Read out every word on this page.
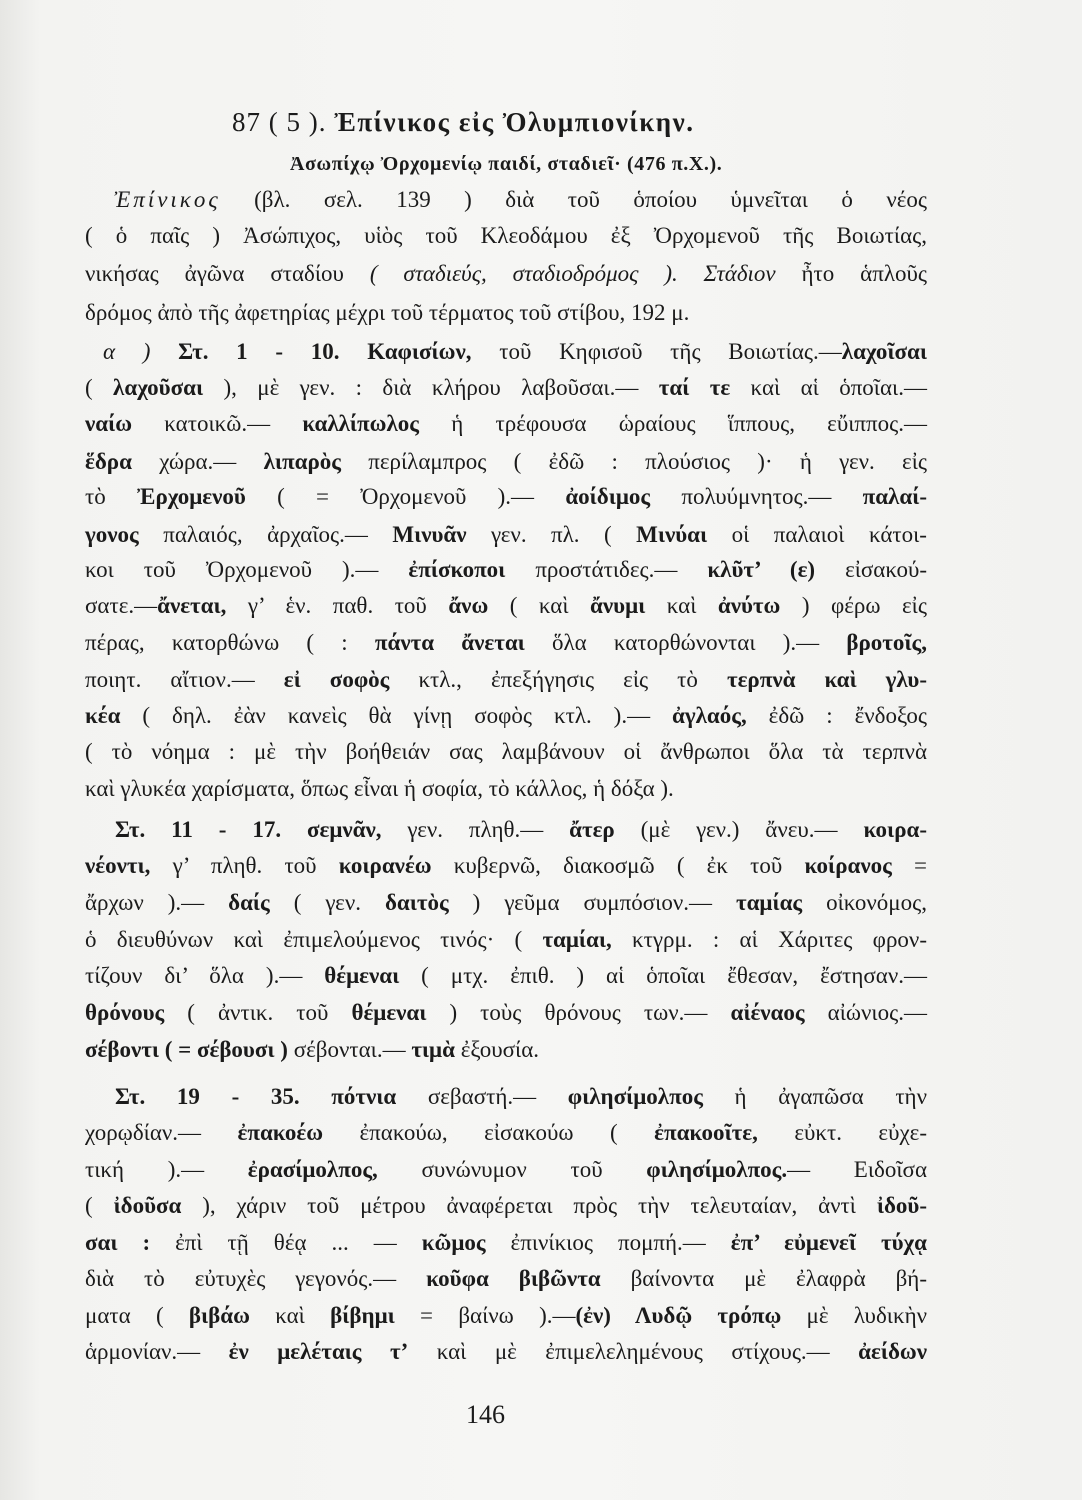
87 ( 5 ). Ἐπίνικος εἰς Ὀλυμπιονίκην.
Ἀσωπίχῳ Ὀρχομενίῳ παιδί, σταδιεῖ· (476 π.Χ.).
Ἐπίνικος (βλ. σελ. 139 ) διὰ τοῦ ὁποίου ὑμνεῖται ὁ νέος
( ὁ παῖς ) Ἀσώπιχος, υἱὸς τοῦ Κλεοδάμου ἐξ Ὀρχομενοῦ τῆς Βοιωτίας,
νικήσας ἀγῶνα σταδίου ( σταδιεύς, σταδιοδρόμος ). Στάδιον ἦτο ἁπλοῦς
δρόμος ἀπὸ τῆς ἀφετηρίας μέχρι τοῦ τέρματος τοῦ στίβου, 192 μ.
α ) Στ. 1 - 10. Καφισίων, τοῦ Κηφισοῦ τῆς Βοιωτίας.—λαχοῖσαι
( λαχοῦσαι ), μὲ γεν. : διὰ κλήρου λαβοῦσαι.— ταί τε καὶ αἱ ὁποῖαι.—
ναίω κατοικῶ.— καλλίπωλος ἡ τρέφουσα ὡραίους ἵππους, εὔιππος.—
ἕδρα χώρα.— λιπαρὸς περίλαμπρος ( ἐδῶ : πλούσιος )· ἡ γεν. εἰς
τὸ Ἐρχομενοῦ ( = Ὀρχομενοῦ ).— ἀοίδιμος πολυύμνητος.— παλαί-
γονος παλαιός, ἀρχαῖος.— Μινυᾶν γεν. πλ. ( Μινύαι οἱ παλαιοὶ κάτοι-
κοι τοῦ Ὀρχομενοῦ ).— ἐπίσκοποι προστάτιδες.— κλῦτ’ (ε) εἰσακού-
σατε.—ἄνεται, γ’ ἑν. παθ. τοῦ ἄνω ( καὶ ἄνυμι καὶ ἀνύτω ) φέρω εἰς
πέρας, κατορθώνω ( : πάντα ἄνεται ὅλα κατορθώνονται ).— βροτοῖς,
ποιητ. αἴτιον.— εἰ σοφὸς κτλ., ἐπεξήγησις εἰς τὸ τερπνὰ καὶ γλυ-
κέα ( δηλ. ἐὰν κανεὶς θὰ γίνῃ σοφὸς κτλ. ).— ἀγλαός, ἐδῶ : ἔνδοξος
( τὸ νόημα : μὲ τὴν βοήθειάν σας λαμβάνουν οἱ ἄνθρωποι ὅλα τὰ τερπνὰ
καὶ γλυκέα χαρίσματα, ὅπως εἶναι ἡ σοφία, τὸ κάλλος, ἡ δόξα ).
Στ. 11 - 17. σεμνᾶν, γεν. πληθ.— ἄτερ (μὲ γεν.) ἄνευ.— κοιρα-
νέοντι, γ’ πληθ. τοῦ κοιρανέω κυβερνῶ, διακοσμῶ ( ἐκ τοῦ κοίρανος =
ἄρχων ).— δαίς ( γεν. δαιτὸς ) γεῦμα συμπόσιον.— ταμίας οἰκονόμος,
ὁ διευθύνων καὶ ἐπιμελούμενος τινός· ( ταμίαι, κτγρμ. : αἱ Χάριτες φρον-
τίζουν δι’ ὅλα ).— θέμεναι ( μτχ. ἐπιθ. ) αἱ ὁποῖαι ἔθεσαν, ἔστησαν.—
θρόνους ( ἀντικ. τοῦ θέμεναι ) τοὺς θρόνους των.— αἰέναος αἰώνιος.—
σέβοντι ( = σέβουσι ) σέβονται.— τιμὰ ἐξουσία.
Στ. 19 - 35. πότνια σεβαστή.— φιλησίμολπος ἡ ἀγαπῶσα τὴν
χορῳδίαν.— ἐπακοέω ἐπακούω, εἰσακούω ( ἐπακοοῖτε, εὐκτ. εὐχε-
τική ).— ἐρασίμολπος, συνώνυμον τοῦ φιλησίμολπος.— Ειδοῖσα
( ἰδοῦσα ), χάριν τοῦ μέτρου ἀναφέρεται πρὸς τὴν τελευταίαν, ἀντὶ ἰδοῦ-
σαι : ἐπὶ τῇ θέᾳ ... — κῶμος ἐπινίκιος πομπή.— ἐπ’ εὐμενεῖ τύχᾳ
διὰ τὸ εὐτυχὲς γεγονός.— κοῦφα βιβῶντα βαίνοντα μὲ ἐλαφρὰ βή-
ματα ( βιβάω καὶ βίβημι = βαίνω ).—(ἐν) Λυδῷ τρόπῳ μὲ λυδικὴν
ἁρμονίαν.— ἐν μελέταις τ’ καὶ μὲ ἐπιμελελημένους στίχους.— ἀείδων
146
